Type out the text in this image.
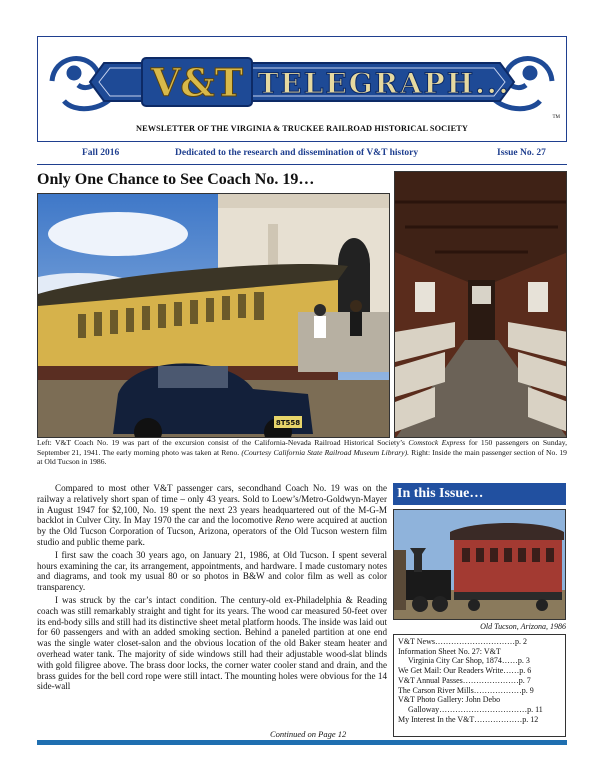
V&T TELEGRAPH...
TM
NEWSLETTER OF THE VIRGINIA & TRUCKEE RAILROAD HISTORICAL SOCIETY
Fall 2016	Dedicated to the research and dissemination of V&T history	Issue No. 27
Only One Chance to See Coach No. 19…
8T558
Left: V&T Coach No. 19 was part of the excursion consist of the California-Nevada Railroad Historical Society’s Comstock Express for 150 passengers on Sunday, September 21, 1941. The early morning photo was taken at Reno. (Courtesy California State Railroad Museum Library). Right: Inside the main passenger section of No. 19 at Old Tucson in 1986.

Compared to most other V&T passenger cars, secondhand Coach No. 19 was on the railway a relatively short span of time – only 43 years. Sold to Loew’s/Metro-Goldwyn-Mayer in August 1947 for $2,100, No. 19 spent the next 23 years headquartered out of the M-G-M backlot in Culver City. In May 1970 the car and the locomotive Reno were acquired at auction by the Old Tucson Corporation of Tucson, Arizona, operators of the Old Tucson western film studio and public theme park.

I first saw the coach 30 years ago, on January 21, 1986, at Old Tucson. I spent several hours examining the car, its arrangement, appointments, and hardware. I made customary notes and diagrams, and took my usual 80 or so photos in B&W and color film as well as color transparency.

I was struck by the car’s intact condition. The century-old ex-Philadelphia & Reading coach was still remarkably straight and tight for its years. The wood car measured 50-feet over its end-body sills and still had its distinctive sheet metal platform hoods. The inside was laid out for 60 passengers and with an added smoking section. Behind a paneled partition at one end was the single water closet-salon and the obvious location of the old Baker steam heater and overhead water tank. The majority of side windows still had their adjustable wood-slat blinds with gold filigree above. The brass door locks, the corner water cooler stand and drain, and the brass guides for the bell cord rope were still intact. The mounting holes were obvious for the 14 side-wall

Continued on Page 12
In this Issue…
Old Tucson, Arizona, 1986
V&T News…………………………p. 2
Information Sheet No. 27: V&T
Virginia City Car Shop, 1874……p. 3
We Get Mail: Our Readers Write……p. 6
V&T Annual Passes…………………p. 7
The Carson River Mills………………p. 9
V&T Photo Gallery: John Debo
Galloway……………………………p. 11
My Interest In the V&T………………p. 12
